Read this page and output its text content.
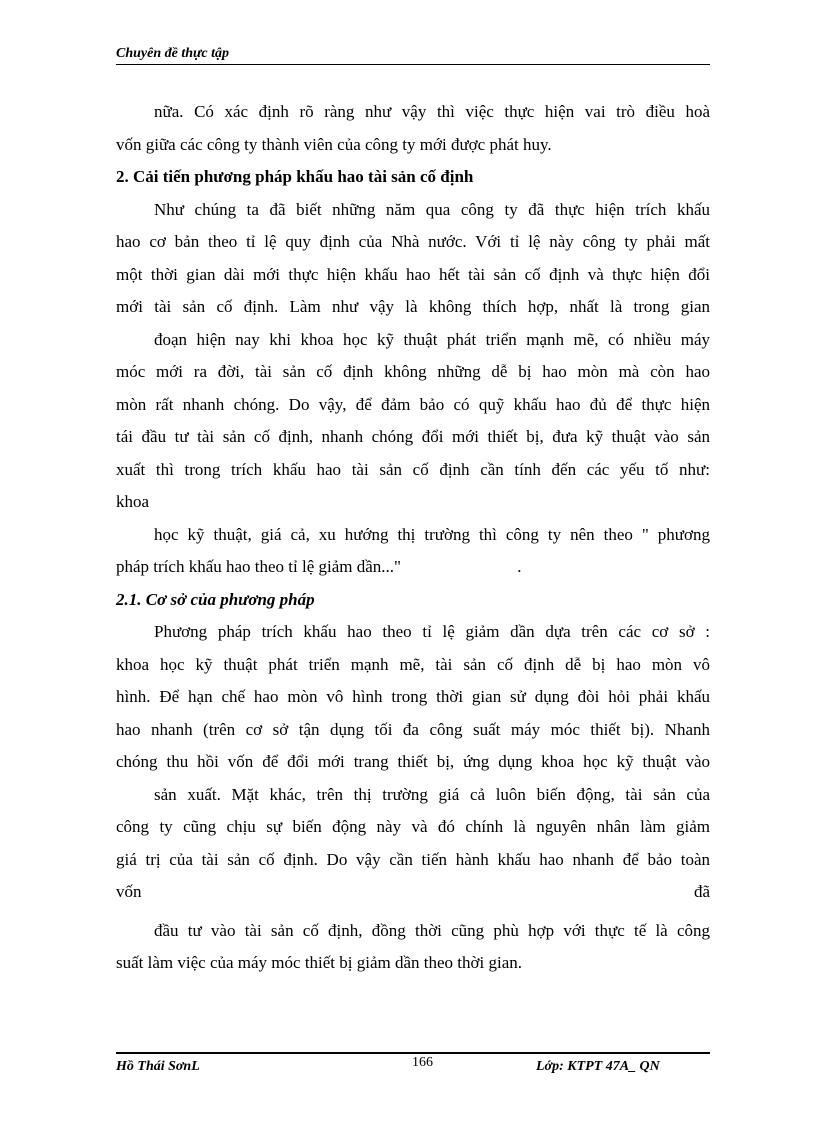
Chuyên đề thực tập
nữa. Có xác định rõ ràng như vậy thì việc thực hiện vai trò điều hoà
vốn giữa các công ty thành viên của công ty mới được phát huy.
2. Cải tiến phương pháp khấu hao tài sản cố định
Như chúng ta đã biết những năm qua công ty đã thực hiện trích khấu
hao cơ bản theo tỉ lệ quy định của Nhà nước. Với tỉ lệ này công ty phải mất
một thời gian dài mới thực hiện khấu hao hết tài sản cố định và thực hiện đổi
mới tài sản cố định. Làm như vậy là không thích hợp, nhất là trong gian
đoạn hiện nay khi khoa học kỹ thuật phát triển mạnh mẽ, có nhiều máy
móc mới ra đời, tài sản cố định không những dễ bị hao mòn mà còn hao
mòn rất nhanh chóng. Do vậy, để đảm bảo có quỹ khấu hao đủ để thực hiện
tái đầu tư tài sản cố định, nhanh chóng đổi mới thiết bị, đưa kỹ thuật vào sản
xuất thì trong trích khấu hao tài sản cố định cần tính đến các yếu tố như:
khoa
học kỹ thuật, giá cả, xu hướng thị trường thì công ty nên theo " phương
pháp trích khấu hao theo tỉ lệ giảm dần..."	.
2.1. Cơ sở của phương pháp
Phương pháp trích khấu hao theo tỉ lệ giảm dần dựa trên các cơ sở :
khoa học kỹ thuật phát triển mạnh mẽ, tài sản cố định dễ bị hao mòn vô
hình. Để hạn chế hao mòn vô hình trong thời gian sử dụng đòi hỏi phải khấu
hao nhanh (trên cơ sở tận dụng tối đa công suất máy móc thiết bị). Nhanh
chóng thu hồi vốn để đổi mới trang thiết bị, ứng dụng khoa học kỹ thuật vào
sản xuất. Mặt khác, trên thị trường giá cả luôn biến động, tài sản của
công ty cũng chịu sự biến động này và đó chính là nguyên nhân làm giảm
giá trị của tài sản cố định. Do vậy cần tiến hành khấu hao nhanh để bảo toàn
vốn	đã
đầu tư vào tài sản cố định, đồng thời cũng phù hợp với thực tế là công
suất làm việc của máy móc thiết bị giảm dần theo thời gian.
Hồ Thái SơnL	166	Lớp: KTPT 47A_ QN
